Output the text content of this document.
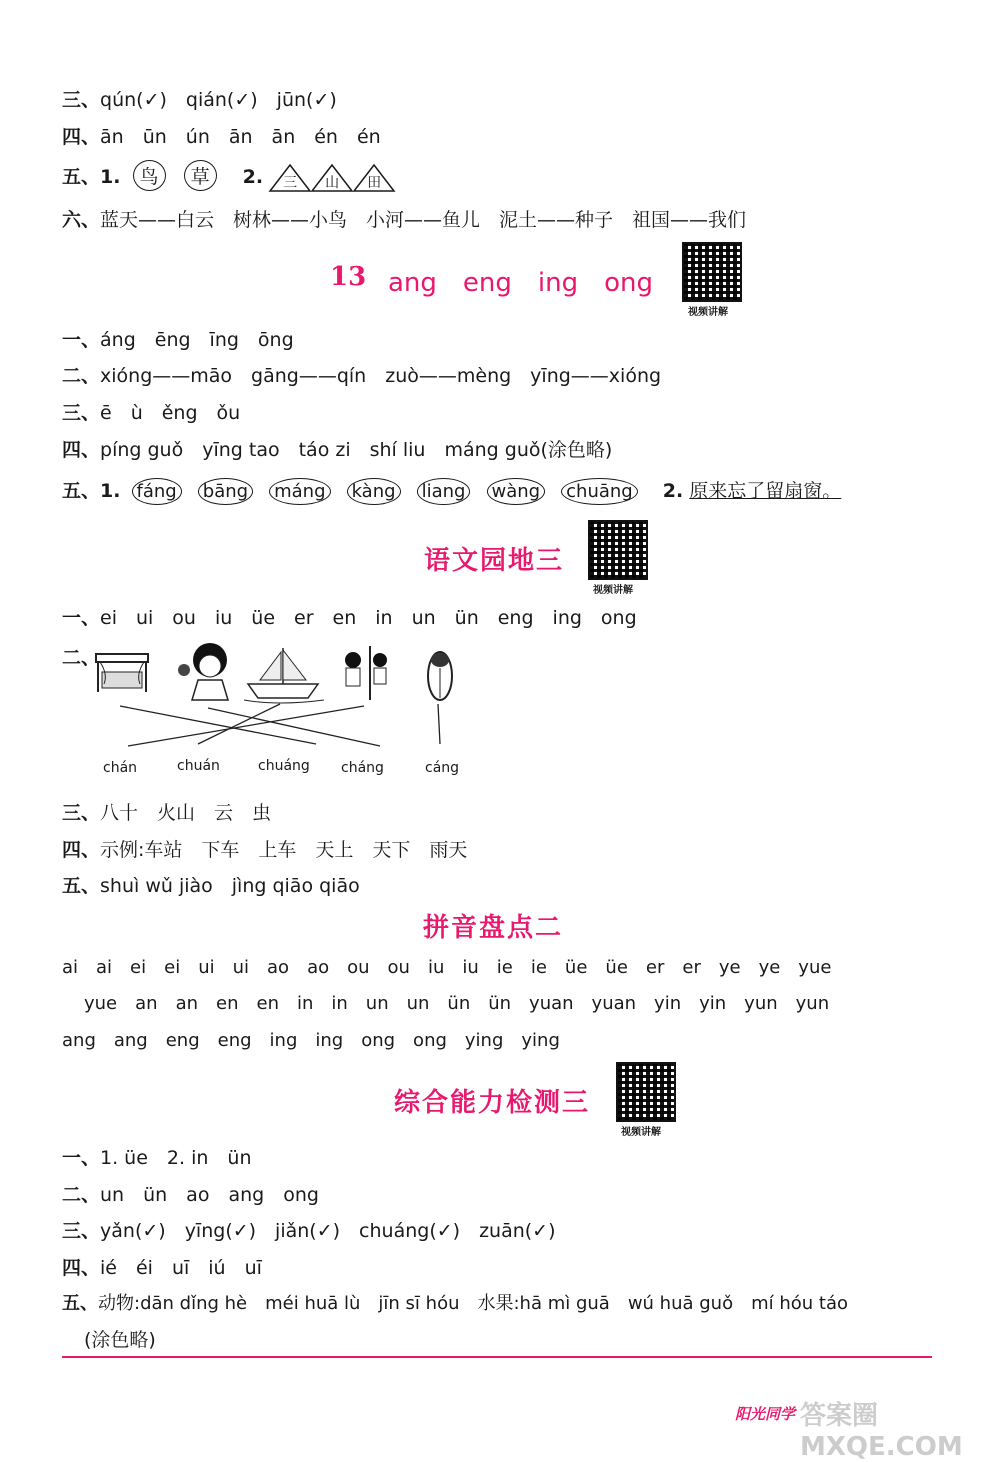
三、qún(✓)　qián(✓)　jūn(✓)
四、ān　ūn　ún　ān　ān　én　én
五、1. 鸟 草 2.	三	山	田
六、蓝天——白云　树林——小鸟　小河——鱼儿　泥土——种子　祖国——我们
13 ang　eng　ing　ong
视频讲解
一、áng　ēng　īng　ōng
二、xióng——māo　gāng——qín　zuò——mèng　yīng——xióng
三、ē　ù　ěng　ǒu
四、píng guǒ　yīng tao　táo zi　shí liu　máng guǒ(涂色略)
五、1. fáng bāng máng kàng liang wàng chuāng 2. 原来忘了留扇窗。
语文园地三
视频讲解
一、ei　ui　ou　iu　üe　er　en　in　un　ün　eng　ing　ong
二、
chán	chuán	chuáng cháng	cáng
三、八十　火山　云　虫
四、示例:车站　下车　上车　天上　天下　雨天
五、shuì wǔ jiào　jìng qiāo qiāo
拼音盘点二
ai　ai　ei　ei　ui　ui　ao　ao　ou　ou　iu　iu　ie　ie　üe　üe　er　er　ye　ye　yue
yue　an　an　en　en　in　in　un　un　ün　ün　yuan　yuan　yin　yin　yun　yun
ang　ang　eng　eng　ing　ing　ong　ong　ying　ying
综合能力检测三
视频讲解
一、1. üe　2. in　ün
二、un　ün　ao　ang　ong
三、yǎn(✓)　yīng(✓)　jiǎn(✓)　chuáng(✓)　zuān(✓)
四、ié　éi　uī　iú　uī
五、动物:dān dǐng hè　méi huā lù　jīn sī hóu　水果:hā mì guā　wú huā guǒ　mí hóu táo
(涂色略)
阳光同学 答案圈 MXQE.COM
